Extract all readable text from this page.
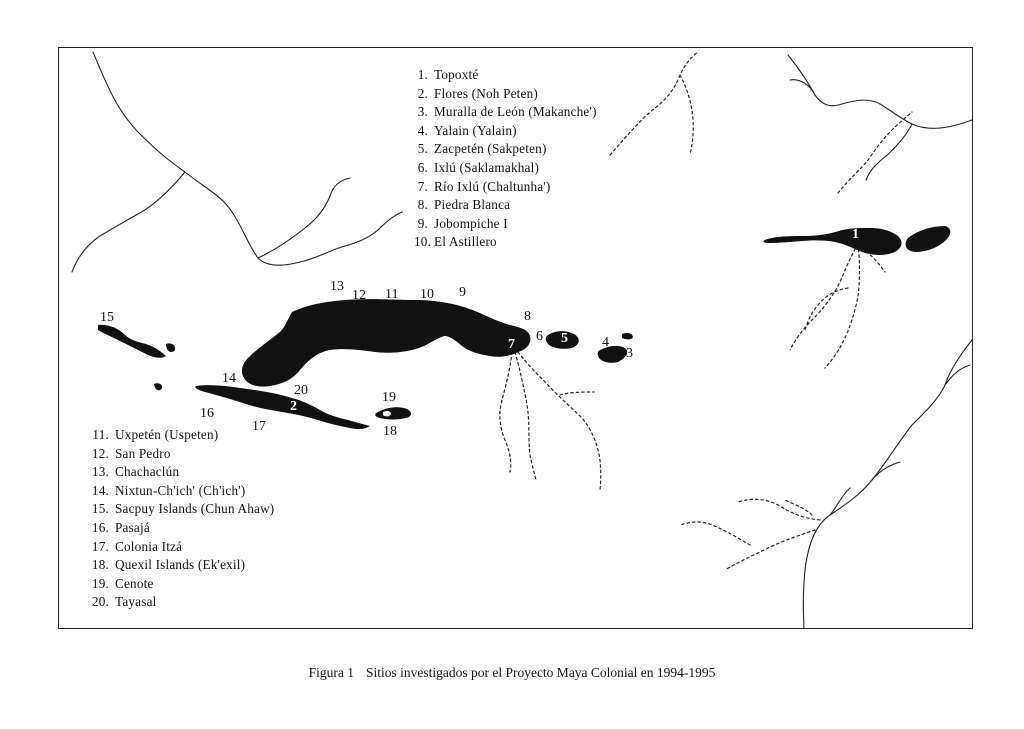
1. Topoxté
2. Flores (Noh Peten)
3. Muralla de León (Makanche')
4. Yalain (Yalain)
5. Zacpetén (Sakpeten)
6. Ixlú (Saklamakhal)
7. Río Ixlú (Chaltunha')
8. Piedra Blanca
9. Jobompiche I
10. El Astillero
11. Uxpetén (Uspeten)
12. San Pedro
13. Chachaclún
14. Nixtun-Ch'ich' (Ch'ich')
15. Sacpuy Islands (Chun Ahaw)
16. Pasajá
17. Colonia Itzá
18. Quexil Islands (Ek'exil)
19. Cenote
20. Tayasal
1
2
3
4
5
6
7
8
9
10
11
12
13
14
15
16
17	18
19
20
Figura 1 Sitios investigados por el Proyecto Maya Colonial en 1994-1995
